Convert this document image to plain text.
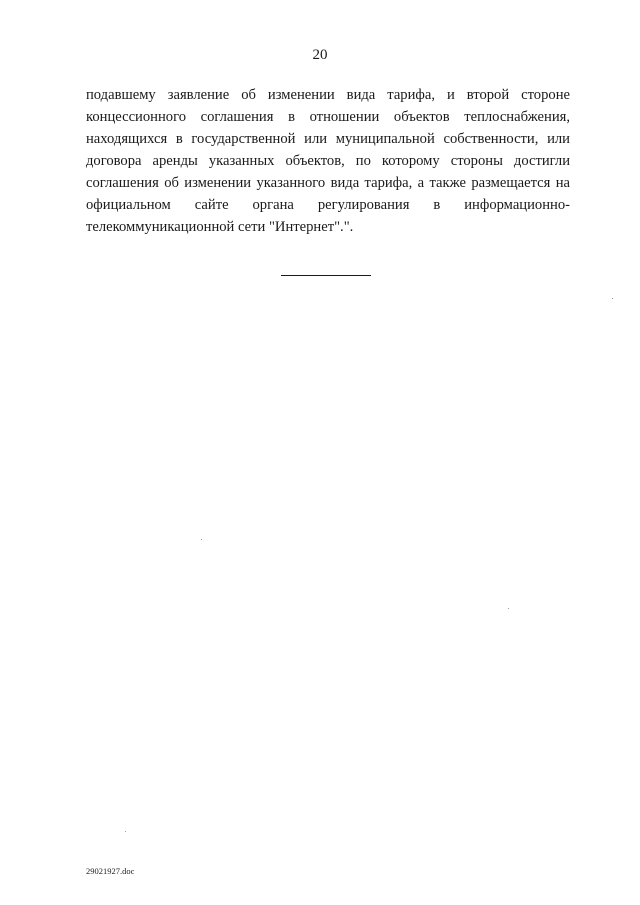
20
подавшему заявление об изменении вида тарифа, и второй стороне
концессионного соглашения в отношении объектов теплоснабжения,
находящихся в государственной или муниципальной собственности, или
договора аренды указанных объектов, по которому стороны достигли
соглашения об изменении указанного вида тарифа, а также размещается на
официальном сайте органа регулирования в информационно-
телекоммуникационной сети "Интернет".".
29021927.doc
